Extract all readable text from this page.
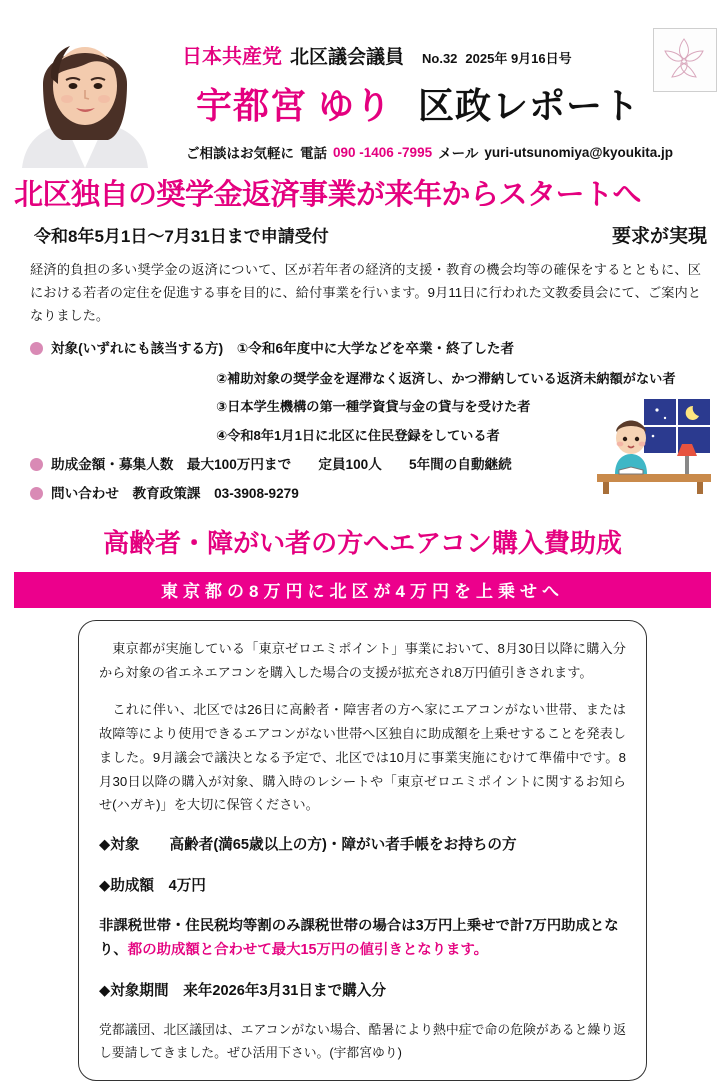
日本共産党 北区議会議員 No.32 2025年 9月16日号
宇都宮 ゆり 区政レポート
ご相談はお気軽に 電話 090 -1406 -7995 メール yuri-utsunomiya@kyoukita.jp
北区独自の奨学金返済事業が来年からスタートへ
令和8年5月1日〜7月31日まで申請受付	要求が実現
経済的負担の多い奨学金の返済について、区が若年者の経済的支援・教育の機会均等の確保をするとともに、区における若者の定住を促進する事を目的に、給付事業を行います。9月11日に行われた文教委員会にて、ご案内となりました。
対象(いずれにも該当する方)　①令和6年度中に大学などを卒業・終了した者
②補助対象の奨学金を遅滞なく返済し、かつ滞納している返済未納額がない者
③日本学生機構の第一種学資貸与金の貸与を受けた者
④令和8年1月1日に北区に住民登録をしている者
助成金額・募集人数　最大100万円まで　　定員100人　　5年間の自動継続
問い合わせ　教育政策課　03-3908-9279
高齢者・障がい者の方へエアコン購入費助成
東京都の8万円に北区が4万円を上乗せへ
東京都が実施している「東京ゼロエミポイント」事業において、8月30日以降に購入分から対象の省エネエアコンを購入した場合の支援が拡充され8万円値引きされます。
これに伴い、北区では26日に高齢者・障害者の方へ家にエアコンがない世帯、または故障等により使用できるエアコンがない世帯へ区独自に助成額を上乗せすることを発表しました。9月議会で議決となる予定で、北区では10月に事業実施にむけて準備中です。8月30日以降の購入が対象、購入時のレシートや「東京ゼロエミポイントに関するお知らせ(ハガキ)」を大切に保管ください。
◆対象 高齢者(満65歳以上の方)・障がい者手帳をお持ちの方
◆助成額　4万円
非課税世帯・住民税均等割のみ課税世帯の場合は3万円上乗せで計7万円助成となり、都の助成額と合わせて最大15万円の値引きとなります。
◆対象期間　来年2026年3月31日まで購入分
党都議団、北区議団は、エアコンがない場合、酷暑により熱中症で命の危険があると繰り返し要請してきました。ぜひ活用下さい。(宇都宮ゆり)
